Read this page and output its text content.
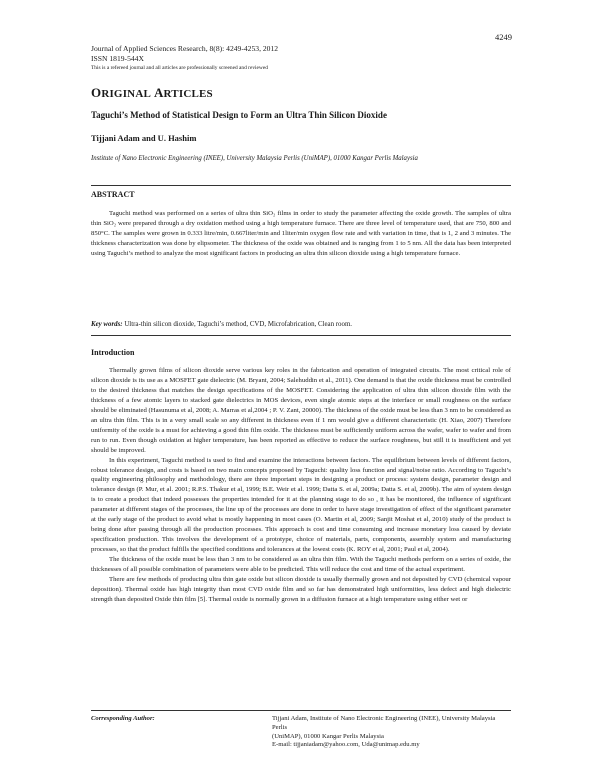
4249
Journal of Applied Sciences Research, 8(8): 4249-4253, 2012
ISSN 1819-544X
This is a refereed journal and all articles are professionally screened and reviewed
ORIGINAL ARTICLES
Taguchi’s Method of Statistical Design to Form an Ultra Thin Silicon Dioxide
Tijjani Adam and U. Hashim
Institute of Nano Electronic Engineering (INEE), University Malaysia Perlis (UniMAP), 01000 Kangar Perlis Malaysia
ABSTRACT

Taguchi method was performed on a series of ultra thin SiO₂ films in order to study the parameter affecting the oxide growth. The samples of ultra thin SiO₂ were prepared through a dry oxidation method using a high temperature furnace. There are three level of temperature used, that are 750, 800 and 850°C. The samples were grown in 0.333 litre/min, 0.667liter/min and 1liter/min oxygen flow rate and with variation in time, that is 1, 2 and 3 minutes. The thickness characterization was done by elipsometer. The thickness of the oxide was obtained and is ranging from 1 to 5 nm. All the data has been interpreted using Taguchi’s method to analyze the most significant factors in producing an ultra thin silicon dioxide using a high temperature furnace.

Key words: Ultra-thin silicon dioxide, Taguchi’s method, CVD, Microfabrication, Clean room.
Introduction

Thermally grown films of silicon dioxide serve various key roles in the fabrication and operation of integrated circuits. The most critical role of silicon dioxide is its use as a MOSFET gate dielectric (M. Bryant, 2004; Salehuddin et al., 2011). One demand is that the oxide thickness must be controlled to the desired thickness that matches the design specifications of the MOSFET. Considering the application of ultra thin silicon dioxide film with the thickness of a few atomic layers to stacked gate dielectrics in MOS devices, even single atomic steps at the interface or small roughness on the surface should be eliminated (Hasunuma et al, 2008; A. Marras et al,2004 ; P. V. Zant, 20000). The thickness of the oxide must be less than 3 nm to be considered as an ultra thin film. This is in a very small scale so any different in thickness even if 1 nm would give a different characteristic (H. Xiao, 2007) Therefore uniformity of the oxide is a must for achieving a good thin film oxide. The thickness must be sufficiently uniform across the wafer, wafer to wafer and from run to run. Even though oxidation at higher temperature, has been reported as effective to reduce the surface roughness, but still it is insufficient and yet should be improved.

In this experiment, Taguchi method is used to find and examine the interactions between factors. The equilibrium between levels of different factors, robust tolerance design, and costs is based on two main concepts proposed by Taguchi: quality loss function and signal/noise ratio. According to Taguchi’s quality engineering philosophy and methodology, there are three important steps in designing a product or process: system design, parameter design and tolerance design (P. Mur, et al. 2001; R.P.S. Thakur et al, 1999; B.E. Weir et al. 1999; Datta S. et al, 2009a; Datta S. et al, 2009b). The aim of system design is to create a product that indeed possesses the properties intended for it at the planning stage to do so , it has be monitored, the influence of significant parameter at different stages of the processes, the line up of the processes are done in order to have stage investigation of effect of the significant parameter at the early stage of the product to avoid what is mostly happening in most cases (O. Martin et al, 2009; Sanjit Moshat et al, 2010) study of the product is being done after passing through all the production processes. This approach is cost and time consuming and increase monetary loss caused by deviate specification production. This involves the development of a prototype, choice of materials, parts, components, assembly system and manufacturing processes, so that the product fulfills the specified conditions and tolerances at the lowest costs (K. ROY et al, 2001; Paul et al, 2004).

The thickness of the oxide must be less than 3 nm to be considered as an ultra thin film. With the Taguchi methods perform on a series of oxide, the thicknesses of all possible combination of parameters were able to be predicted. This will reduce the cost and time of the actual experiment.

There are few methods of producing ultra thin gate oxide but silicon dioxide is usually thermally grown and not deposited by CVD (chemical vapour deposition). Thermal oxide has high integrity than most CVD oxide film and so far has demonstrated high uniformities, less defect and high dielectric strength than deposited Oxide thin film [5]. Thermal oxide is normally grown in a diffusion furnace at a high temperature using either wet or

Corresponding Author:	Tijjani Adam, Institute of Nano Electronic Engineering (INEE), University Malaysia Perlis
(UniMAP), 01000 Kangar Perlis Malaysia
E-mail: tijjaniadam@yahoo.com, Uda@unimap.edu.my
